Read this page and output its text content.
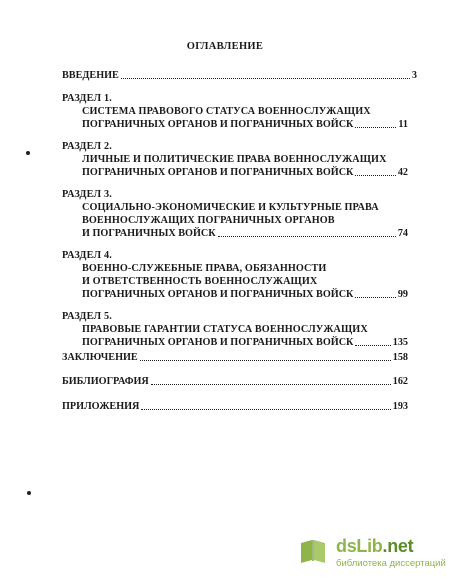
ОГЛАВЛЕНИЕ
ВВЕДЕНИЕ	3
РАЗДЕЛ 1.
СИСТЕМА ПРАВОВОГО СТАТУСА ВОЕННОСЛУЖАЩИХ
ПОГРАНИЧНЫХ ОРГАНОВ И ПОГРАНИЧНЫХ ВОЙСК	11
РАЗДЕЛ 2.
ЛИЧНЫЕ И ПОЛИТИЧЕСКИЕ ПРАВА ВОЕННОСЛУЖАЩИХ
ПОГРАНИЧНЫХ ОРГАНОВ И ПОГРАНИЧНЫХ ВОЙСК	42
РАЗДЕЛ 3.
СОЦИАЛЬНО-ЭКОНОМИЧЕСКИЕ И КУЛЬТУРНЫЕ ПРАВА
ВОЕННОСЛУЖАЩИХ ПОГРАНИЧНЫХ ОРГАНОВ
И ПОГРАНИЧНЫХ ВОЙСК	74
РАЗДЕЛ 4.
ВОЕННО-СЛУЖЕБНЫЕ ПРАВА, ОБЯЗАННОСТИ
И ОТВЕТСТВЕННОСТЬ ВОЕННОСЛУЖАЩИХ
ПОГРАНИЧНЫХ ОРГАНОВ И ПОГРАНИЧНЫХ ВОЙСК	99
РАЗДЕЛ 5.
ПРАВОВЫЕ ГАРАНТИИ СТАТУСА ВОЕННОСЛУЖАЩИХ
ПОГРАНИЧНЫХ ОРГАНОВ И ПОГРАНИЧНЫХ ВОЙСК	135
ЗАКЛЮЧЕНИЕ	158
БИБЛИОГРАФИЯ	162
ПРИЛОЖЕНИЯ	193
dsLib.net
библиотека диссертаций
